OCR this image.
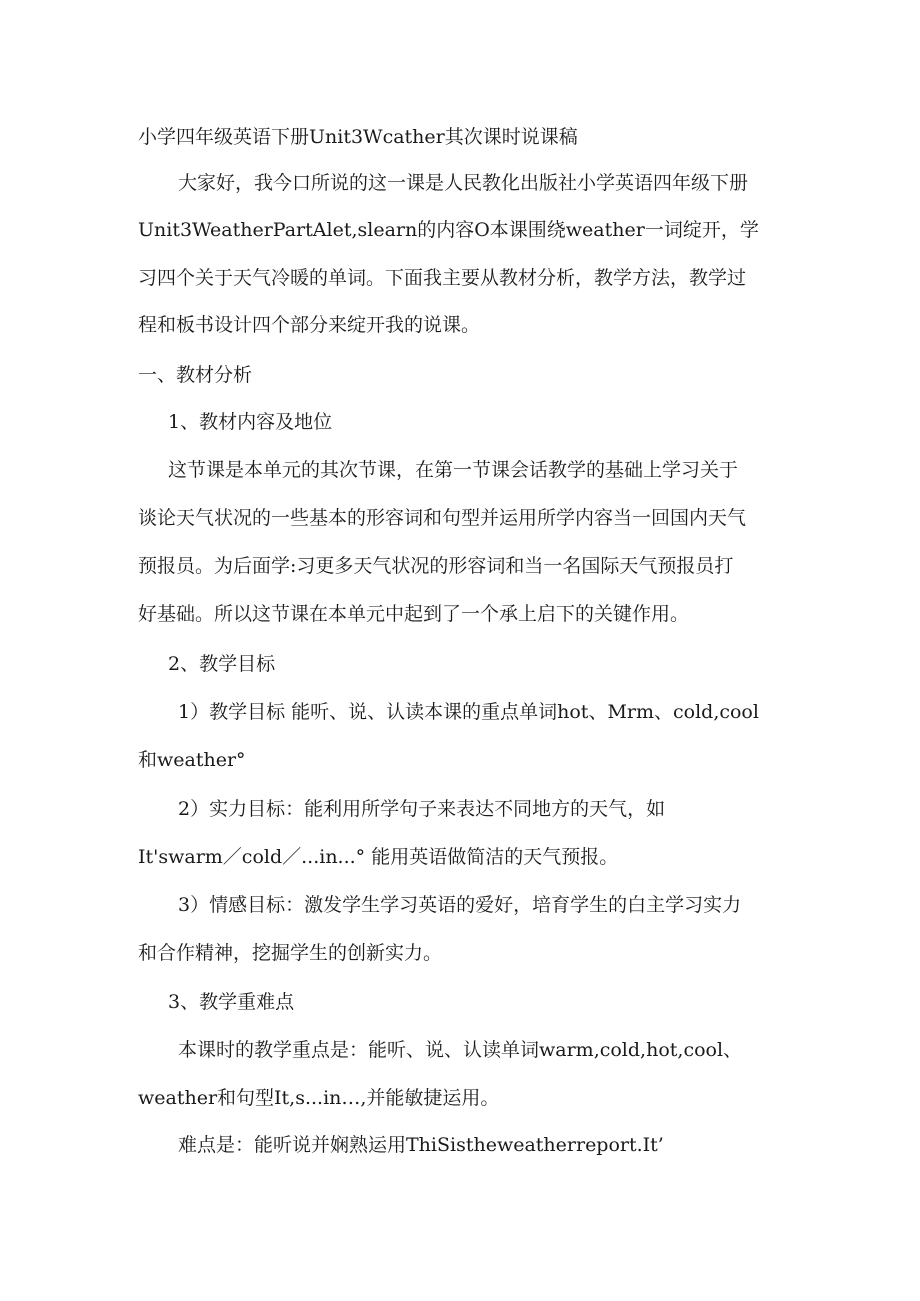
小学四年级英语下册Unit3Wcather其次课时说课稿
大家好，我今口所说的这一课是人民教化出版社小学英语四年级下册
Unit3WeatherPartAlet,slearn的内容O本课围绕weather一词绽开，学
习四个关于天气冷暖的单词。下面我主要从教材分析，教学方法，教学过
程和板书设计四个部分来绽开我的说课。
一、教材分析
1、教材内容及地位
这节课是本单元的其次节课，在第一节课会话教学的基础上学习关于
谈论天气状况的一些基本的形容词和句型并运用所学内容当一回国内天气
预报员。为后面学:习更多天气状况的形容词和当一名国际天气预报员打
好基础。所以这节课在本单元中起到了一个承上启下的关键作用。
2、教学目标
1）教学目标 能听、说、认读本课的重点单词hot、Mrm、cold,cool
和weather°
2）实力目标：能利用所学句子来表达不同地方的天气，如
It'swarm／cold／...in...° 能用英语做简洁的天气预报。
3）情感目标：激发学生学习英语的爱好，培育学生的白主学习实力
和合作精神，挖掘学生的创新实力。
3、教学重难点
本课时的教学重点是：能听、说、认读单词warm,cold,hot,cool、
weather和句型It,s...in…,并能敏捷运用。
难点是：能听说并娴熟运用ThiSistheweatherreport.It’
